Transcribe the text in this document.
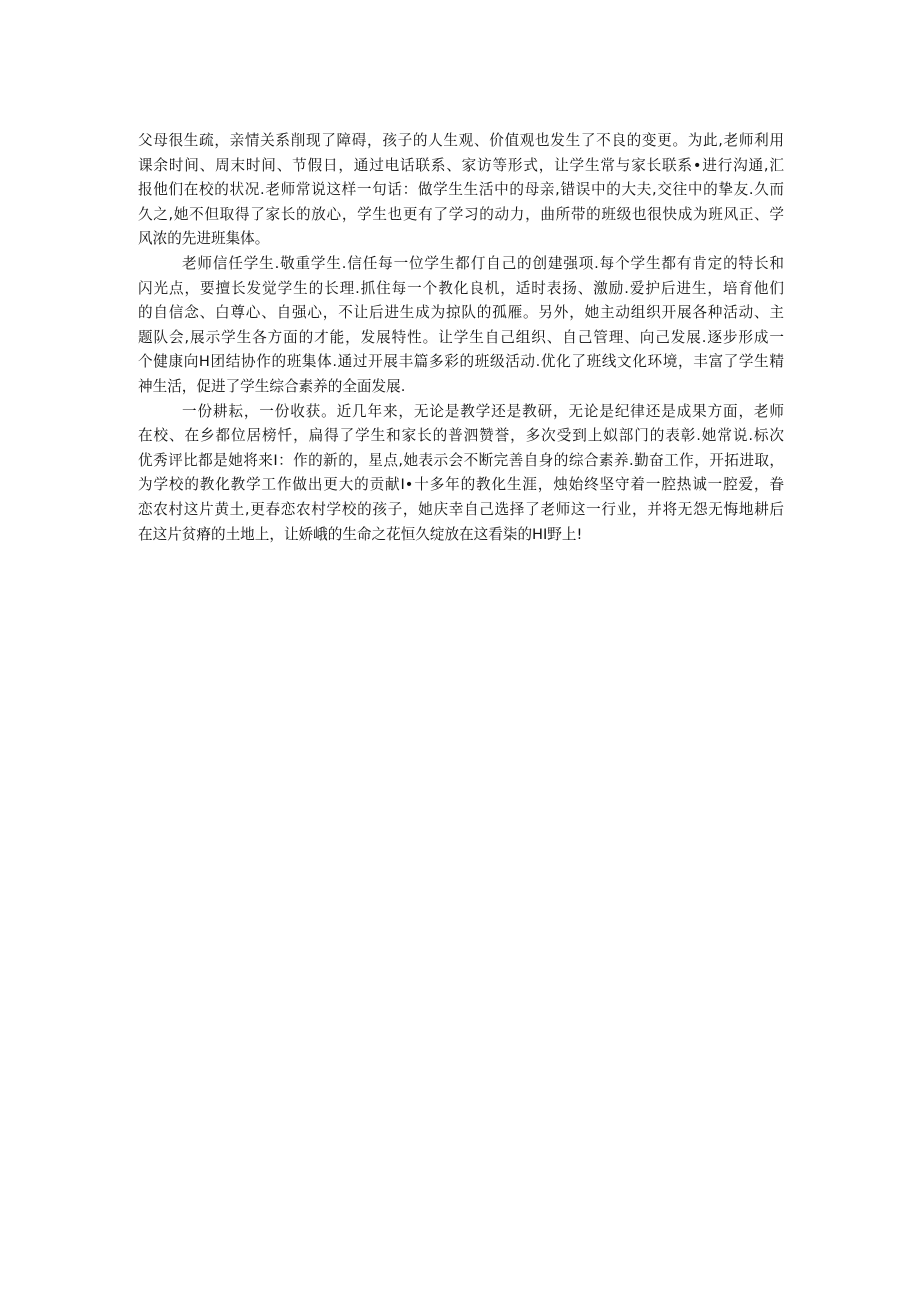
父母很生疏，亲情关系削现了障碍，孩子的人生观、价值观也发生了不良的变更。为此,老师利用
课余时间、周末时间、节假日，通过电话联系、家访等形式，让学生常与家长联系•进行沟通,汇
报他们在校的状况.老师常说这样一句话：做学生生活中的母亲,错误中的大夫,交往中的挚友.久而
久之,她不但取得了家长的放心，学生也更有了学习的动力，曲所带的班级也很快成为班风正、学
风浓的先进班集体。
老师信任学生.敬重学生.信任每一位学生都仃自己的创建强项.每个学生都有肯定的特长和
闪光点，要擅长发觉学生的长理.抓住每一个教化良机，适时表扬、激励.爱护后进生，培育他们
的自信念、白尊心、自强心，不让后进生成为掠队的孤雁。另外，她主动组织开展各种活动、主
题队会,展示学生各方面的才能，发展特性。让学生自己组织、自己管理、向己发展.逐步形成一
个健康向H团结协作的班集体.通过开展丰篇多彩的班级活动.优化了班线文化环境，丰富了学生精
神生活，促进了学生综合素养的全面发展.
一份耕耘，一份收获。近几年来，无论是教学还是教研，无论是纪律还是成果方面，老师
在校、在乡都位居榜忏，扁得了学生和家长的普泗赞誉，多次受到上姒部门的表彰.她常说.标次
优秀评比都是她将来I：作的新的，星点,她表示会不断完善自身的综合素养.勤奋工作，开拓进取，
为学校的教化教学工作做出更大的贡献I•十多年的教化生涯，烛始终坚守着一腔热诚一腔爱，眷
恋农村这片黄土,更春恋农村学校的孩子，她庆幸自己选择了老师这一行业，并将无怨无悔地耕后
在这片贫瘠的土地上，让娇峨的生命之花恒久绽放在这看柒的HI野上!
